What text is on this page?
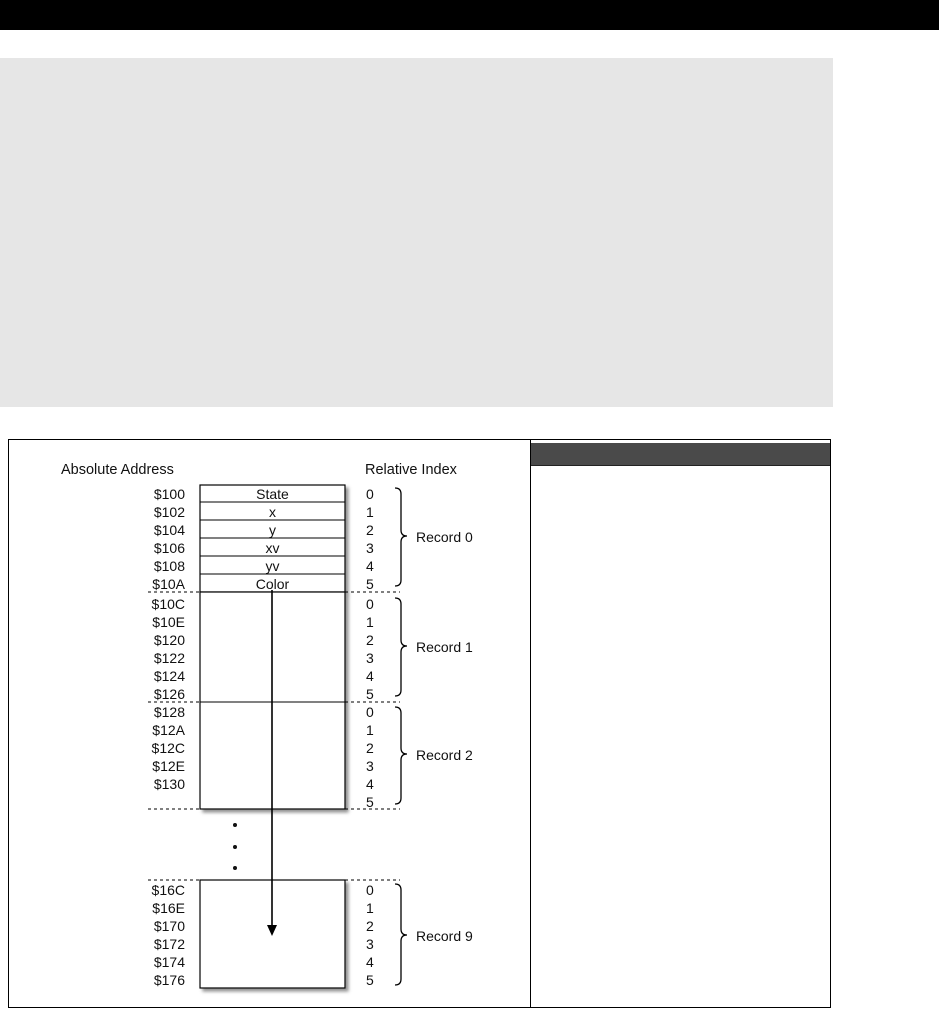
Absolute Address	Relative Index
State
x
y
xv
yv
Color
$100
$102
$104
$106
$108
$10A
0
1
2
3
4
5
Record 0
$10C
$10E
$120
$122
$124
$126
0
1
2
3
4
5
Record 1
$128
$12A
$12C
$12E
$130
0
1
2
3
4
5
Record 2
$16C
$16E
$170
$172
$174
$176
0
1
2
3
4
5
Record 9
